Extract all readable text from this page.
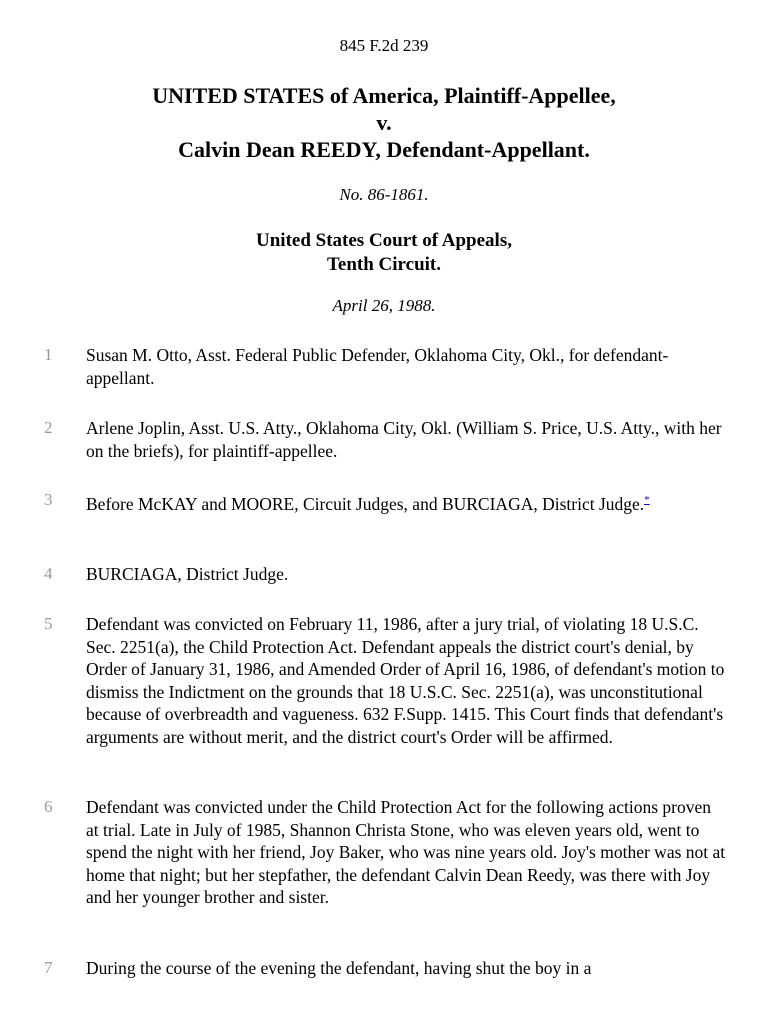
845 F.2d 239
UNITED STATES of America, Plaintiff-Appellee,
v.
Calvin Dean REEDY, Defendant-Appellant.
No. 86-1861.
United States Court of Appeals,
Tenth Circuit.
April 26, 1988.
1 Susan M. Otto, Asst. Federal Public Defender, Oklahoma City, Okl., for defendant-appellant.
2 Arlene Joplin, Asst. U.S. Atty., Oklahoma City, Okl. (William S. Price, U.S. Atty., with her on the briefs), for plaintiff-appellee.
3 Before McKAY and MOORE, Circuit Judges, and BURCIAGA, District Judge.*
4 BURCIAGA, District Judge.
5 Defendant was convicted on February 11, 1986, after a jury trial, of violating 18 U.S.C. Sec. 2251(a), the Child Protection Act. Defendant appeals the district court's denial, by Order of January 31, 1986, and Amended Order of April 16, 1986, of defendant's motion to dismiss the Indictment on the grounds that 18 U.S.C. Sec. 2251(a), was unconstitutional because of overbreadth and vagueness. 632 F.Supp. 1415. This Court finds that defendant's arguments are without merit, and the district court's Order will be affirmed.
6 Defendant was convicted under the Child Protection Act for the following actions proven at trial. Late in July of 1985, Shannon Christa Stone, who was eleven years old, went to spend the night with her friend, Joy Baker, who was nine years old. Joy's mother was not at home that night; but her stepfather, the defendant Calvin Dean Reedy, was there with Joy and her younger brother and sister.
7 During the course of the evening the defendant, having shut the boy in a
